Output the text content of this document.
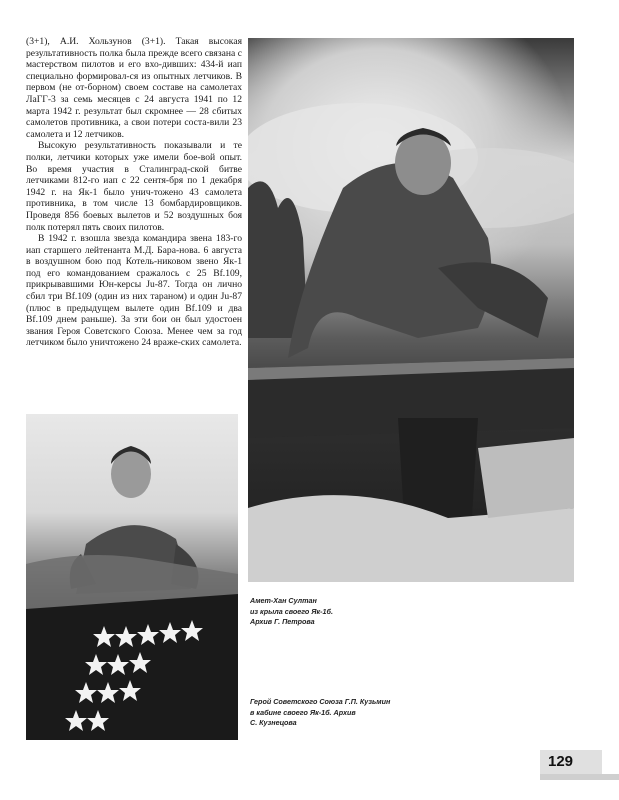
(3+1), А.И. Хользунов (3+1). Такая высокая результативность полка была прежде всего связана с мастерством пилотов и его вхо-дивших: 434-й иап специально формировал-ся из опытных летчиков. В первом (не от-борном) своем составе на самолетах ЛаГГ-3 за семь месяцев с 24 августа 1941 по 12 марта 1942 г. результат был скромнее — 28 сбитых самолетов противника, а свои потери соста-вили 23 самолета и 12 летчиков.

Высокую результативность показывали и те полки, летчики которых уже имели бое-вой опыт. Во время участия в Сталинград-ской битве летчиками 812-го иап с 22 сентя-бря по 1 декабря 1942 г. на Як-1 было унич-тожено 43 самолета противника, в том числе 13 бомбардировщиков. Проведя 856 боевых вылетов и 52 воздушных боя полк потерял пять своих пилотов.

В 1942 г. взошла звезда командира звена 183-го иап старшего лейтенанта М.Д. Бара-нова. 6 августа в воздушном бою под Котель-никовом звено Як-1 под его командованием сражалось с 25 Bf.109, прикрывавшими Юн-керсы Ju-87. Тогда он лично сбил три Bf.109 (один из них тараном) и один Ju-87 (плюс в предыдущем вылете один Bf.109 и два Bf.109 днем раньше). За эти бои он был удостоен звания Героя Советского Союза. Менее чем за год летчиком было уничтожено 24 враже-ских самолета.

Амет-Хан Султан
из крыла своего Як-1б.
Архив Г. Петрова
Герой Советского Союза Г.П. Кузьмин
в кабине своего Як-1б. Архив
С. Кузнецова
129
